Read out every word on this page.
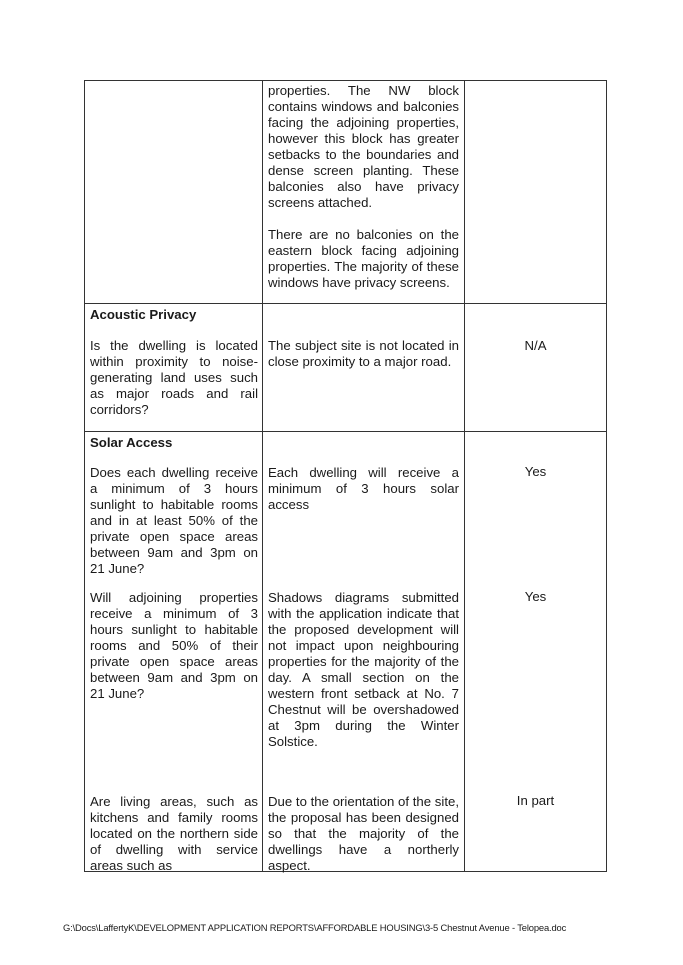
properties. The NW block contains windows and balconies facing the adjoining properties, however this block has greater setbacks to the boundaries and dense screen planting. These balconies also have privacy screens attached.

There are no balconies on the eastern block facing adjoining properties. The majority of these windows have privacy screens.

Acoustic Privacy

Is the dwelling is located within proximity to noise-generating land uses such as major roads and rail corridors?

The subject site is not located in close proximity to a major road.

N/A

Solar Access

Does each dwelling receive a minimum of 3 hours sunlight to habitable rooms and in at least 50% of the private open space areas between 9am and 3pm on 21 June?

Each dwelling will receive a minimum of 3 hours solar access

Yes

Will adjoining properties receive a minimum of 3 hours sunlight to habitable rooms and 50% of their private open space areas between 9am and 3pm on 21 June?

Shadows diagrams submitted with the application indicate that the proposed development will not impact upon neighbouring properties for the majority of the day. A small section on the western front setback at No. 7 Chestnut will be overshadowed at 3pm during the Winter Solstice.

Yes

Are living areas, such as kitchens and family rooms located on the northern side of dwelling with service areas such as

Due to the orientation of the site, the proposal has been designed so that the majority of the dwellings have a northerly aspect.

In part

G:\Docs\LaffertyK\DEVELOPMENT APPLICATION REPORTS\AFFORDABLE HOUSING\3-5 Chestnut Avenue - Telopea.doc
